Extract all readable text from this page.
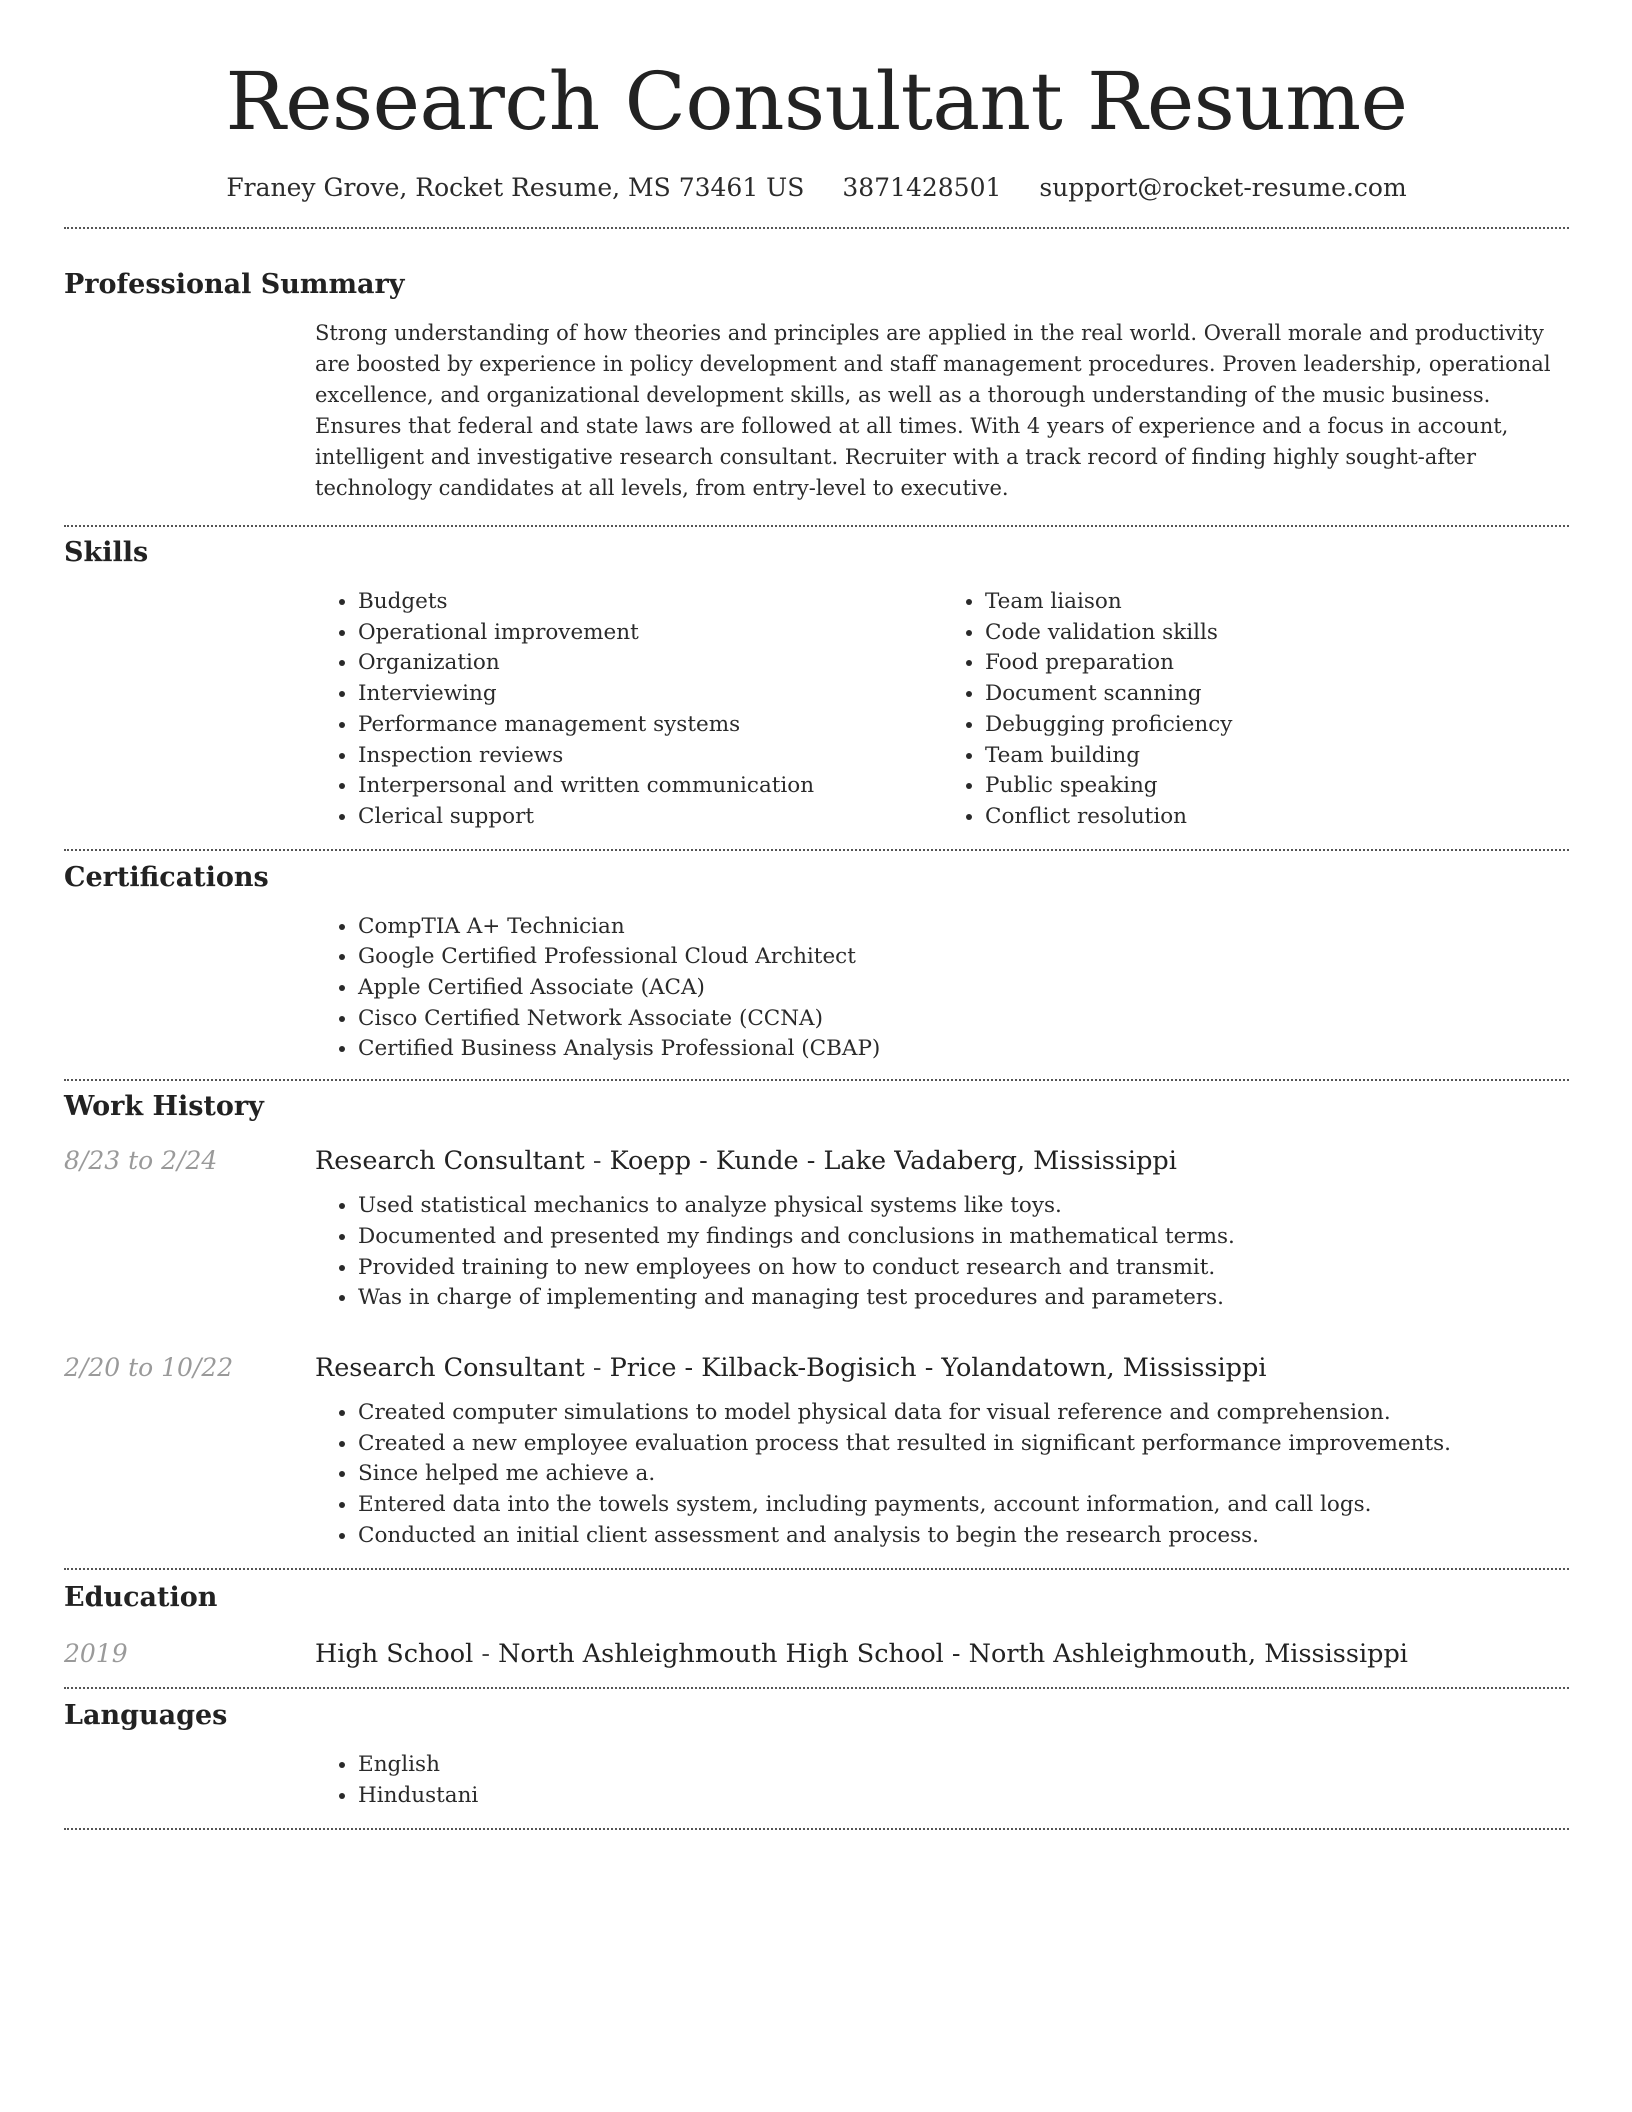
Research Consultant Resume
Franey Grove, Rocket Resume, MS 73461 US 3871428501 support@rocket-resume.com
Professional Summary

Strong understanding of how theories and principles are applied in the real world. Overall morale and productivity are boosted by experience in policy development and staff management procedures. Proven leadership, operational excellence, and organizational development skills, as well as a thorough understanding of the music business. Ensures that federal and state laws are followed at all times. With 4 years of experience and a focus in account, intelligent and investigative research consultant. Recruiter with a track record of finding highly sought-after technology candidates at all levels, from entry-level to executive.

Skills
• Budgets
• Operational improvement
• Organization
• Interviewing
• Performance management systems
• Inspection reviews
• Interpersonal and written communication
• Clerical support
• Team liaison
• Code validation skills
• Food preparation
• Document scanning
• Debugging proficiency
• Team building
• Public speaking
• Conflict resolution
Certifications
• CompTIA A+ Technician
• Google Certified Professional Cloud Architect
• Apple Certified Associate (ACA)
• Cisco Certified Network Associate (CCNA)
• Certified Business Analysis Professional (CBAP)
Work History
8/23 to 2/24	Research Consultant - Koepp - Kunde - Lake Vadaberg, Mississippi

• Used statistical mechanics to analyze physical systems like toys.
• Documented and presented my findings and conclusions in mathematical terms.
• Provided training to new employees on how to conduct research and transmit.
• Was in charge of implementing and managing test procedures and parameters.
2/20 to 10/22	Research Consultant - Price - Kilback-Bogisich - Yolandatown, Mississippi

• Created computer simulations to model physical data for visual reference and comprehension.
• Created a new employee evaluation process that resulted in significant performance improvements.
• Since helped me achieve a.
• Entered data into the towels system, including payments, account information, and call logs.
• Conducted an initial client assessment and analysis to begin the research process.
Education
2019	High School - North Ashleighmouth High School - North Ashleighmouth, Mississippi

Languages
• English
• Hindustani
